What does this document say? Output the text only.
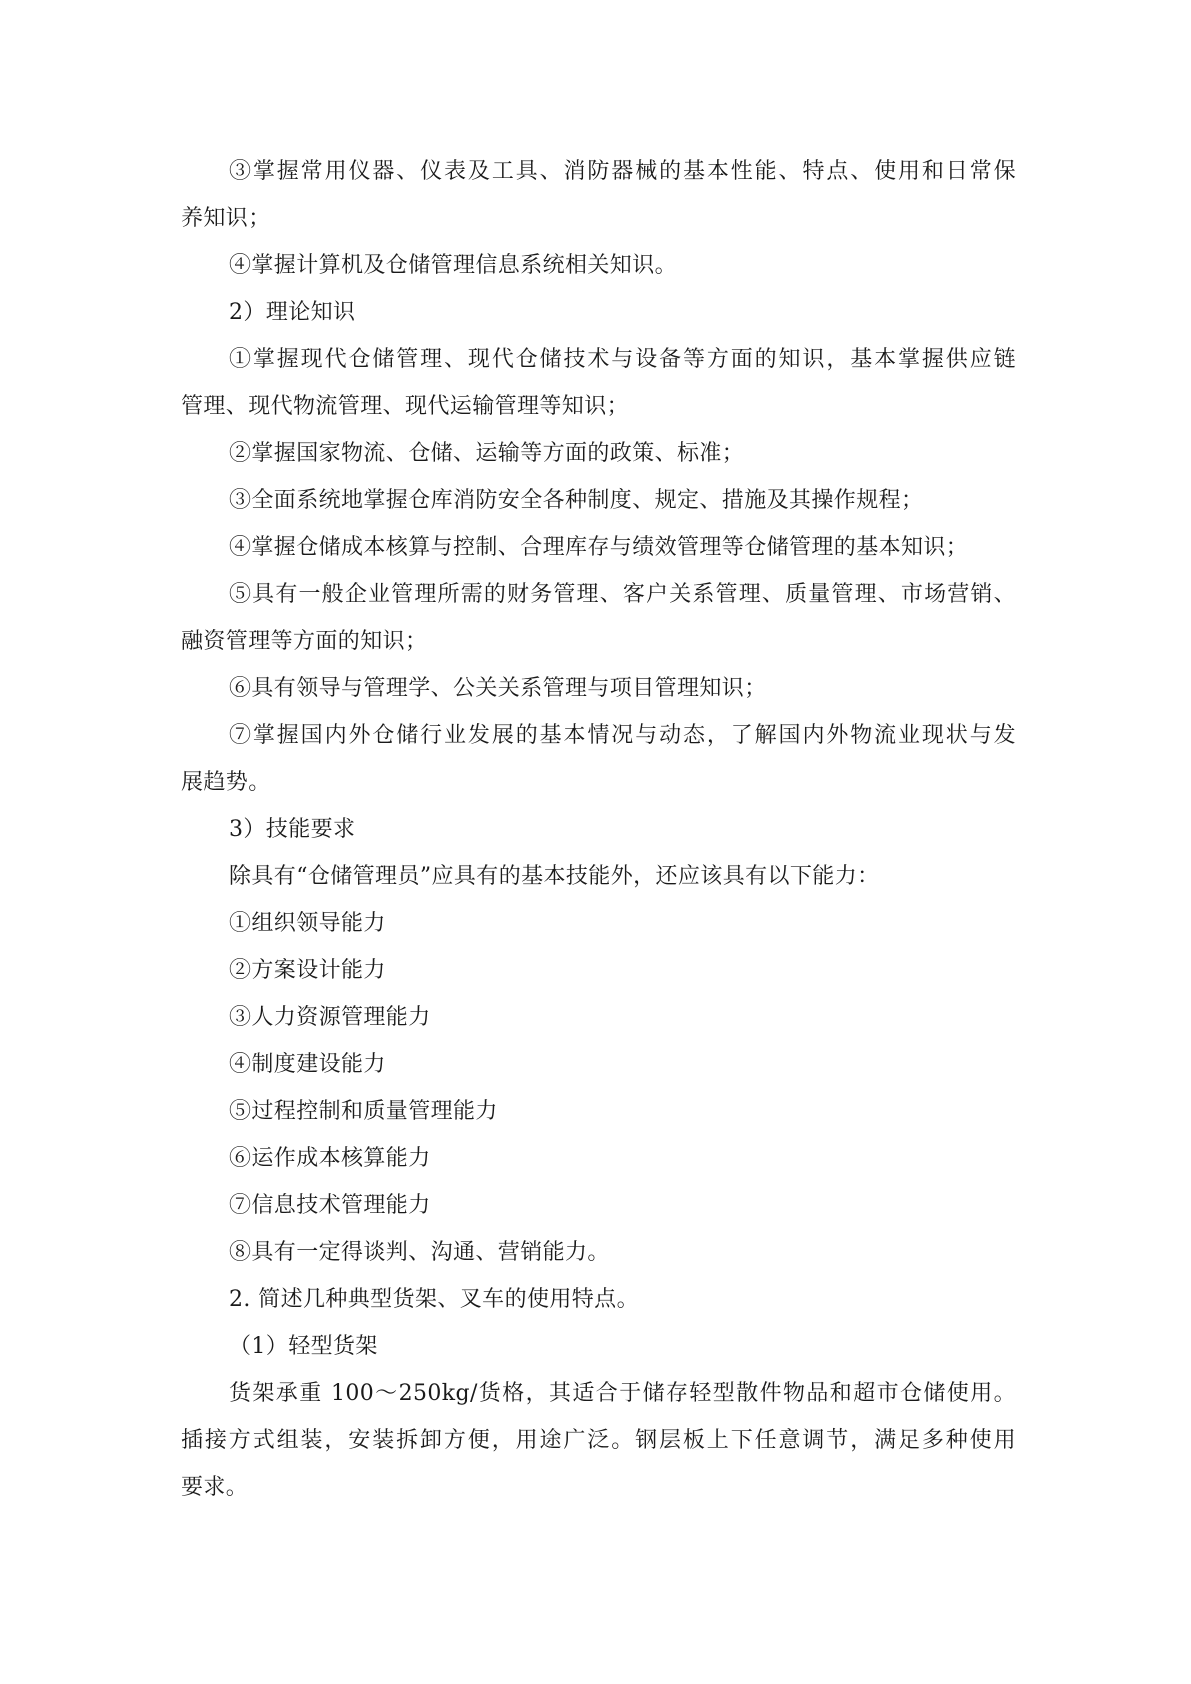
③掌握常用仪器、仪表及工具、消防器械的基本性能、特点、使用和日常保
养知识；
④掌握计算机及仓储管理信息系统相关知识。
2）理论知识
①掌握现代仓储管理、现代仓储技术与设备等方面的知识，基本掌握供应链
管理、现代物流管理、现代运输管理等知识；
②掌握国家物流、仓储、运输等方面的政策、标准；
③全面系统地掌握仓库消防安全各种制度、规定、措施及其操作规程；
④掌握仓储成本核算与控制、合理库存与绩效管理等仓储管理的基本知识；
⑤具有一般企业管理所需的财务管理、客户关系管理、质量管理、市场营销、
融资管理等方面的知识；
⑥具有领导与管理学、公关关系管理与项目管理知识；
⑦掌握国内外仓储行业发展的基本情况与动态，了解国内外物流业现状与发
展趋势。
3）技能要求
除具有“仓储管理员”应具有的基本技能外，还应该具有以下能力：
①组织领导能力
②方案设计能力
③人力资源管理能力
④制度建设能力
⑤过程控制和质量管理能力
⑥运作成本核算能力
⑦信息技术管理能力
⑧具有一定得谈判、沟通、营销能力。
2. 简述几种典型货架、叉车的使用特点。
（1）轻型货架
货架承重 100～250kg/货格，其适合于储存轻型散件物品和超市仓储使用。
插接方式组装，安装拆卸方便，用途广泛。钢层板上下任意调节，满足多种使用
要求。
